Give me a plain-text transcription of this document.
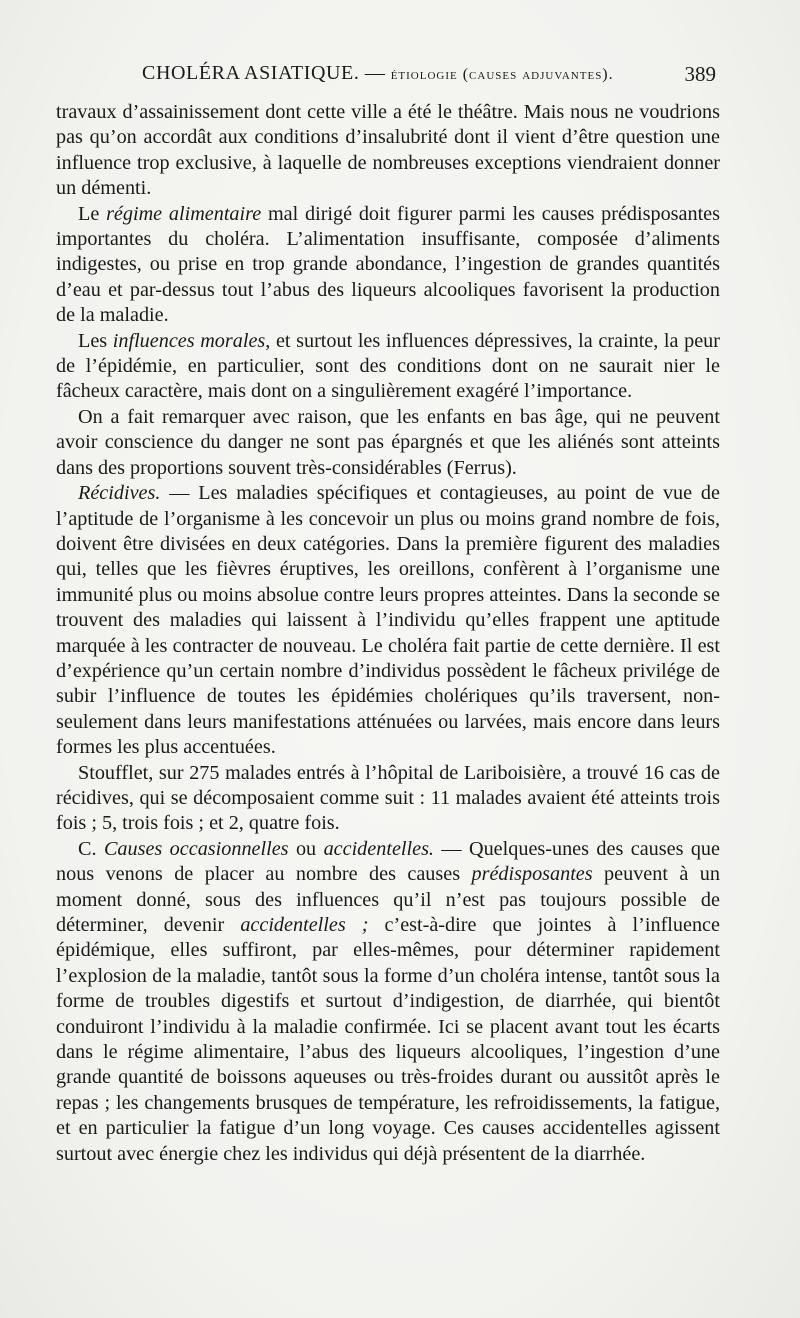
CHOLÉRA ASIATIQUE. — étiologie (causes adjuvantes).	389

travaux d’assainissement dont cette ville a été le théâtre. Mais nous ne voudrions pas qu’on accordât aux conditions d’insalubrité dont il vient d’être question une influence trop exclusive, à laquelle de nombreuses exceptions viendraient donner un démenti.

Le régime alimentaire mal dirigé doit figurer parmi les causes prédisposantes importantes du choléra. L’alimentation insuffisante, composée d’aliments indigestes, ou prise en trop grande abondance, l’ingestion de grandes quantités d’eau et par-dessus tout l’abus des liqueurs alcooliques favorisent la production de la maladie.

Les influences morales, et surtout les influences dépressives, la crainte, la peur de l’épidémie, en particulier, sont des conditions dont on ne saurait nier le fâcheux caractère, mais dont on a singulièrement exagéré l’importance.

On a fait remarquer avec raison, que les enfants en bas âge, qui ne peuvent avoir conscience du danger ne sont pas épargnés et que les aliénés sont atteints dans des proportions souvent très-considérables (Ferrus).

Récidives. — Les maladies spécifiques et contagieuses, au point de vue de l’aptitude de l’organisme à les concevoir un plus ou moins grand nombre de fois, doivent être divisées en deux catégories. Dans la première figurent des maladies qui, telles que les fièvres éruptives, les oreillons, confèrent à l’organisme une immunité plus ou moins absolue contre leurs propres atteintes. Dans la seconde se trouvent des maladies qui laissent à l’individu qu’elles frappent une aptitude marquée à les contracter de nouveau. Le choléra fait partie de cette dernière. Il est d’expérience qu’un certain nombre d’individus possèdent le fâcheux privilége de subir l’influence de toutes les épidémies cholériques qu’ils traversent, non-seulement dans leurs manifestations atténuées ou larvées, mais encore dans leurs formes les plus accentuées.

Stoufflet, sur 275 malades entrés à l’hôpital de Lariboisière, a trouvé 16 cas de récidives, qui se décomposaient comme suit : 11 malades avaient été atteints trois fois ; 5, trois fois ; et 2, quatre fois.

C. Causes occasionnelles ou accidentelles. — Quelques-unes des causes que nous venons de placer au nombre des causes prédisposantes peuvent à un moment donné, sous des influences qu’il n’est pas toujours possible de déterminer, devenir accidentelles ; c’est-à-dire que jointes à l’influence épidémique, elles suffiront, par elles-mêmes, pour déterminer rapidement l’explosion de la maladie, tantôt sous la forme d’un choléra intense, tantôt sous la forme de troubles digestifs et surtout d’indigestion, de diarrhée, qui bientôt conduiront l’individu à la maladie confirmée. Ici se placent avant tout les écarts dans le régime alimentaire, l’abus des liqueurs alcooliques, l’ingestion d’une grande quantité de boissons aqueuses ou très-froides durant ou aussitôt après le repas ; les changements brusques de température, les refroidissements, la fatigue, et en particulier la fatigue d’un long voyage. Ces causes accidentelles agissent surtout avec énergie chez les individus qui déjà présentent de la diarrhée.
